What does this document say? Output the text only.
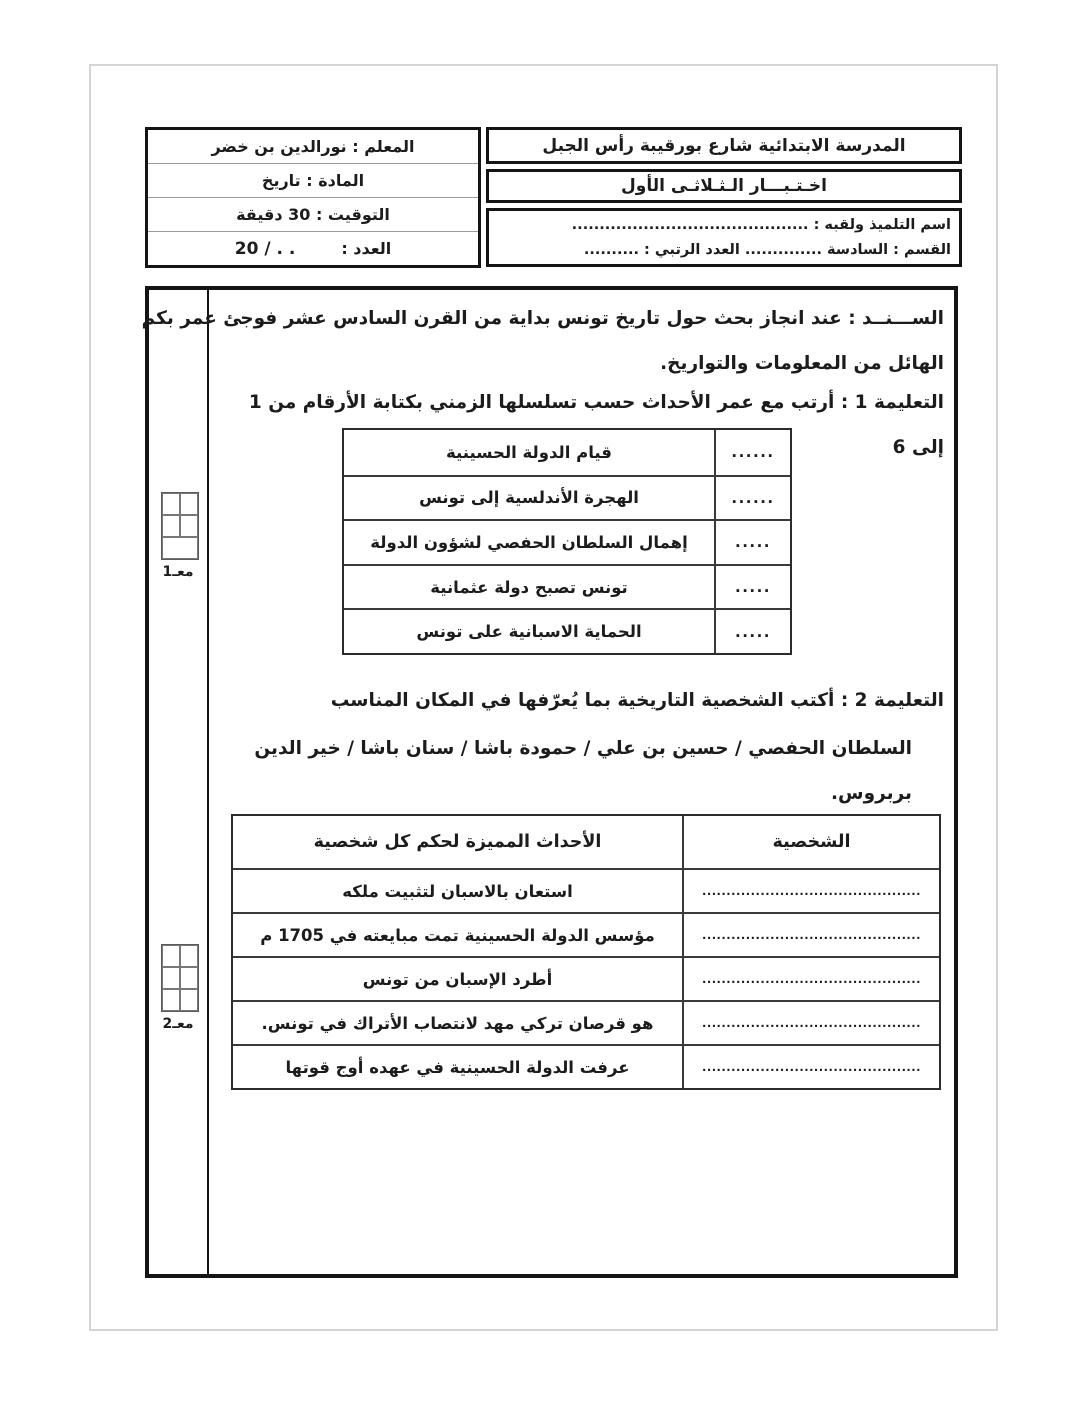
المعلم : نورالدين بن خضر
المادة : تاريخ
التوقيت : 30 دقيقة
العدد :
. . / 20
المدرسة الابتدائية شارع بورقيبة رأس الجبل
اخـتـبـــار الـثـلاثـى الأول
اسم التلميذ ولقبه : ...........................................
القسم : السادسة .............. العدد الرتبي : ..........
معـ1
معـ2
الســـنــد : عند انجاز بحث حول تاريخ تونس بداية من القرن السادس عشر فوجئ عمر بكم
الهائل من المعلومات والتواريخ.
التعليمة 1 : أرتب مع عمر الأحداث حسب تسلسلها الزمني بكتابة الأرقام من 1 إلى 6
قيام الدولة الحسينية	......
الهجرة الأندلسية إلى تونس	......
إهمال السلطان الحفصي لشؤون الدولة	.....
تونس تصبح دولة عثمانية	.....
الحماية الاسبانية على تونس	.....
التعليمة 2 : أكتب الشخصية التاريخية بما يُعرّفها في المكان المناسب
السلطان الحفصي / حسين بن علي / حمودة باشا / سنان باشا / خير الدين بربروس.
الأحداث المميزة لحكم كل شخصية	الشخصية
استعان بالاسبان لتثبيت ملكه	.............................................
مؤسس الدولة الحسينية تمت مبايعته في 1705 م	.............................................
أطرد الإسبان من تونس	.............................................
هو قرصان تركي مهد لانتصاب الأتراك في تونس.	.............................................
عرفت الدولة الحسينية في عهده أوج قوتها	.............................................
